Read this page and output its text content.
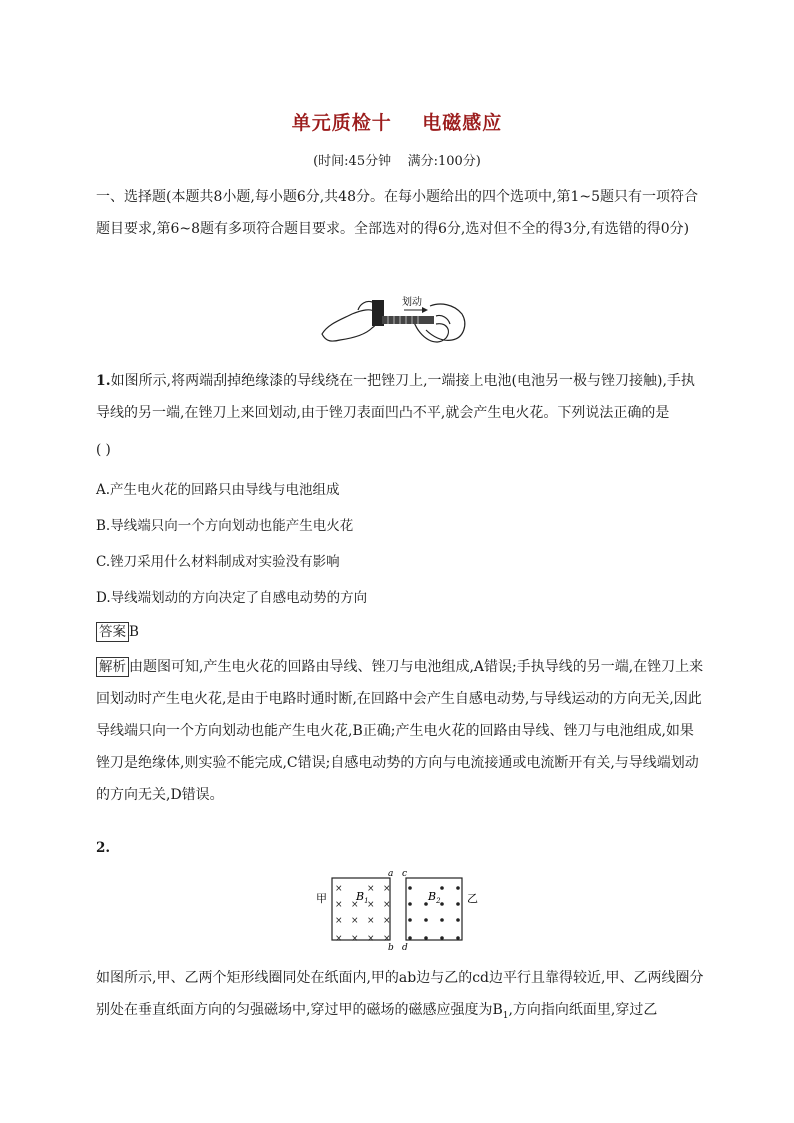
单元质检十    电磁感应
(时间:45分钟    满分:100分)

一、选择题(本题共8小题,每小题6分,共48分。在每小题给出的四个选项中,第1~5题只有一项符合题目要求,第6~8题有多项符合题目要求。全部选对的得6分,选对但不全的得3分,有选错的得0分)

划动
1.如图所示,将两端刮掉绝缘漆的导线绕在一把锉刀上,一端接上电池(电池另一极与锉刀接触),手执导线的另一端,在锉刀上来回划动,由于锉刀表面凹凸不平,就会产生电火花。下列说法正确的是
( )
A.产生电火花的回路只由导线与电池组成
B.导线端只向一个方向划动也能产生电火花
C.锉刀采用什么材料制成对实验没有影响
D.导线端划动的方向决定了自感电动势的方向
答案 B
解析 由题图可知,产生电火花的回路由导线、锉刀与电池组成,A错误;手执导线的另一端,在锉刀上来回划动时产生电火花,是由于电路时通时断,在回路中会产生自感电动势,与导线运动的方向无关,因此导线端只向一个方向划动也能产生电火花,B正确;产生电火花的回路由导线、锉刀与电池组成,如果锉刀是绝缘体,则实验不能完成,C错误;自感电动势的方向与电流接通或电流断开有关,与导线端划动的方向无关,D错误。
2.
×	× ×
× × × ×
× × × ×
× × × ×
甲	乙
$B_1$	$B_2$
a
b
c
d

如图所示,甲、乙两个矩形线圈同处在纸面内,甲的ab边与乙的cd边平行且靠得较近,甲、乙两线圈分别处在垂直纸面方向的匀强磁场中,穿过甲的磁场的磁感应强度为$B_1$,方向指向纸面里,穿过乙
